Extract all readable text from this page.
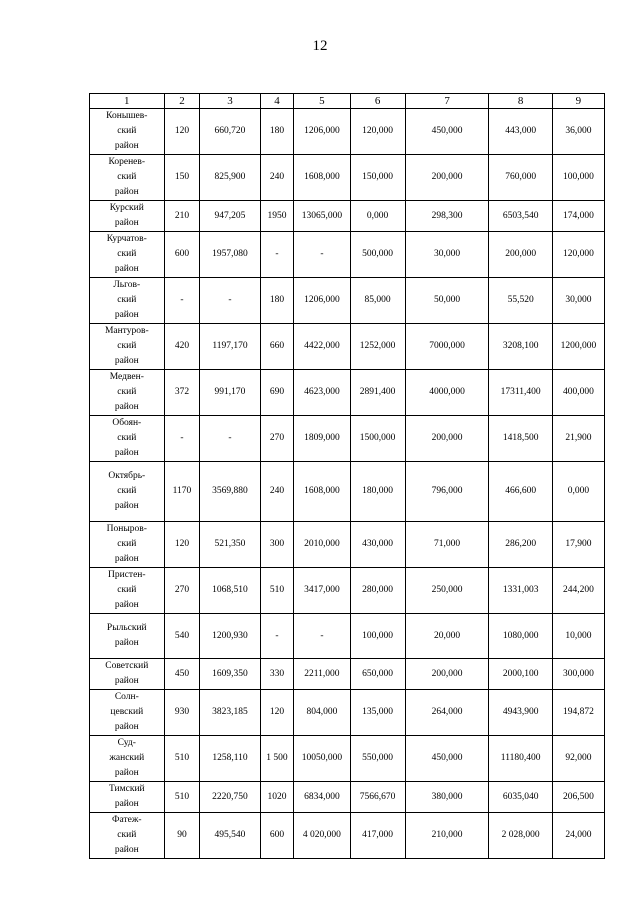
12
1	2	3	4	5	6	7	8	9

Конышев-
ский
район	120	660,720	180	1206,000	120,000	450,000	443,000	36,000

Коренев-
ский
район	150	825,900	240	1608,000	150,000	200,000	760,000	100,000

Курский
район	210	947,205	1950	13065,000	0,000	298,300	6503,540	174,000

Курчатов-
ский
район	600	1957,080	-	-	500,000	30,000	200,000	120,000

Льгов-
ский
район	-	-	180	1206,000	85,000	50,000	55,520	30,000

Мантуров-
ский
район	420	1197,170	660	4422,000	1252,000	7000,000	3208,100	1200,000

Медвен-
ский
район	372	991,170	690	4623,000	2891,400	4000,000	17311,400	400,000

Обоян-
ский
район	-	-	270	1809,000	1500,000	200,000	1418,500	21,900

Октябрь-
ский
район	1170	3569,880	240	1608,000	180,000	796,000	466,600	0,000

Поныров-
ский
район	120	521,350	300	2010,000	430,000	71,000	286,200	17,900

Пристен-
ский
район	270	1068,510	510	3417,000	280,000	250,000	1331,003	244,200

Рыльский
район	540	1200,930	-	-	100,000	20,000	1080,000	10,000

Советский
район	450	1609,350	330	2211,000	650,000	200,000	2000,100	300,000

Солн-
цевский
район	930	3823,185	120	804,000	135,000	264,000	4943,900	194,872

Суд-
жанский
район	510	1258,110	1 500	10050,000	550,000	450,000	11180,400	92,000

Тимский
район	510	2220,750	1020	6834,000	7566,670	380,000	6035,040	206,500

Фатеж-
ский
район	90	495,540	600	4 020,000	417,000	210,000	2 028,000	24,000
